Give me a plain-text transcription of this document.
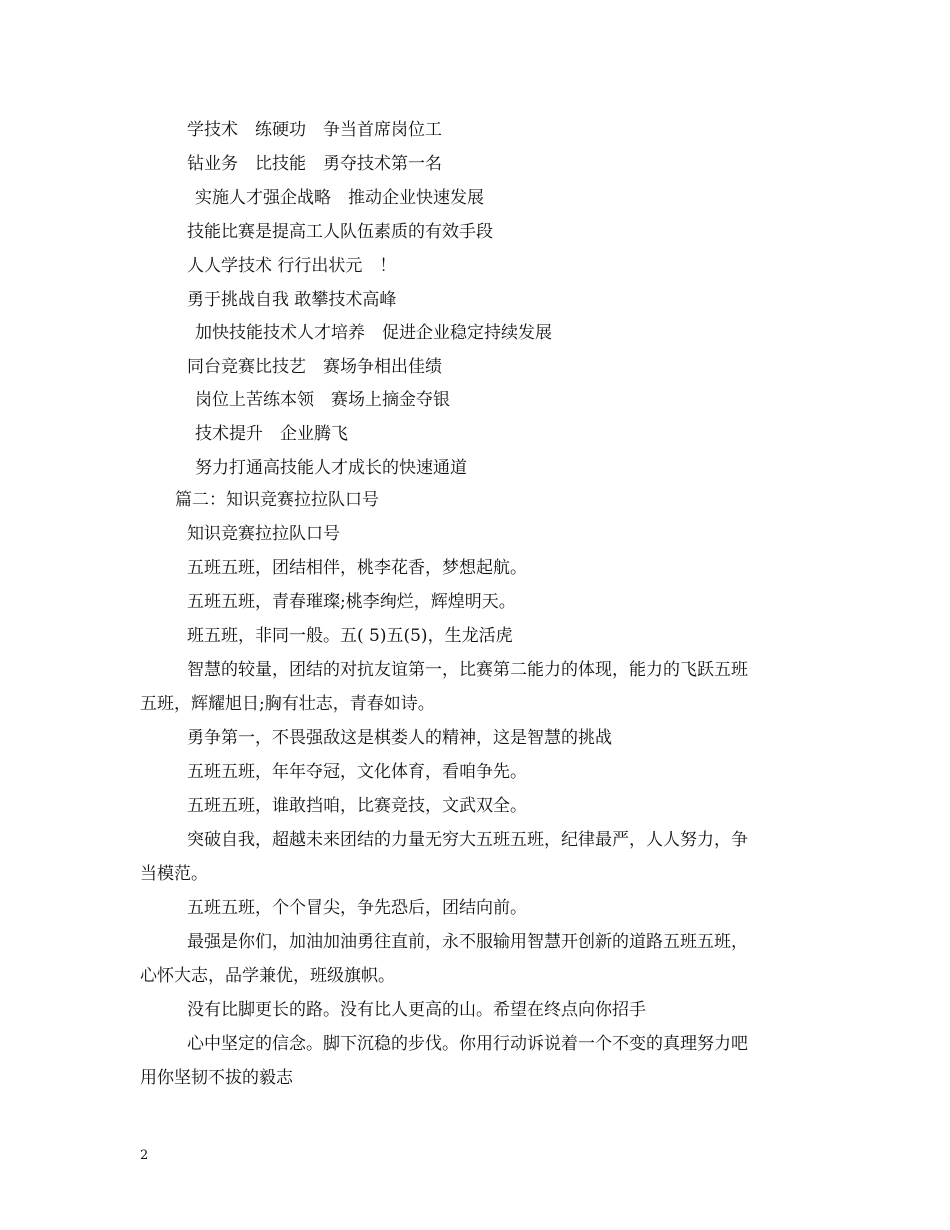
学技术　练硬功　争当首席岗位工
钻业务　比技能　勇夺技术第一名
实施人才强企战略　推动企业快速发展
技能比赛是提高工人队伍素质的有效手段
人人学技术 行行出状元　！
勇于挑战自我 敢攀技术高峰
加快技能技术人才培养　促进企业稳定持续发展
同台竞赛比技艺　赛场争相出佳绩
岗位上苦练本领　赛场上摘金夺银
技术提升　企业腾飞
努力打通高技能人才成长的快速通道
篇二：知识竞赛拉拉队口号
知识竞赛拉拉队口号
五班五班，团结相伴，桃李花香，梦想起航。
五班五班，青春璀璨;桃李绚烂，辉煌明天。
班五班，非同一般。五( 5)五(5)，生龙活虎
智慧的较量，团结的对抗友谊第一，比赛第二能力的体现，能力的飞跃五班
五班，辉耀旭日;胸有壮志，青春如诗。
勇争第一，不畏强敌这是棋娄人的精神，这是智慧的挑战
五班五班，年年夺冠，文化体育，看咱争先。
五班五班，谁敢挡咱，比赛竞技，文武双全。
突破自我，超越未来团结的力量无穷大五班五班，纪律最严，人人努力，争
当模范。
五班五班，个个冒尖，争先恐后，团结向前。
最强是你们，加油加油勇往直前，永不服输用智慧开创新的道路五班五班，
心怀大志，品学兼优，班级旗帜。
没有比脚更长的路。没有比人更高的山。希望在终点向你招手
心中坚定的信念。脚下沉稳的步伐。你用行动诉说着一个不变的真理努力吧
用你坚韧不拔的毅志
2
